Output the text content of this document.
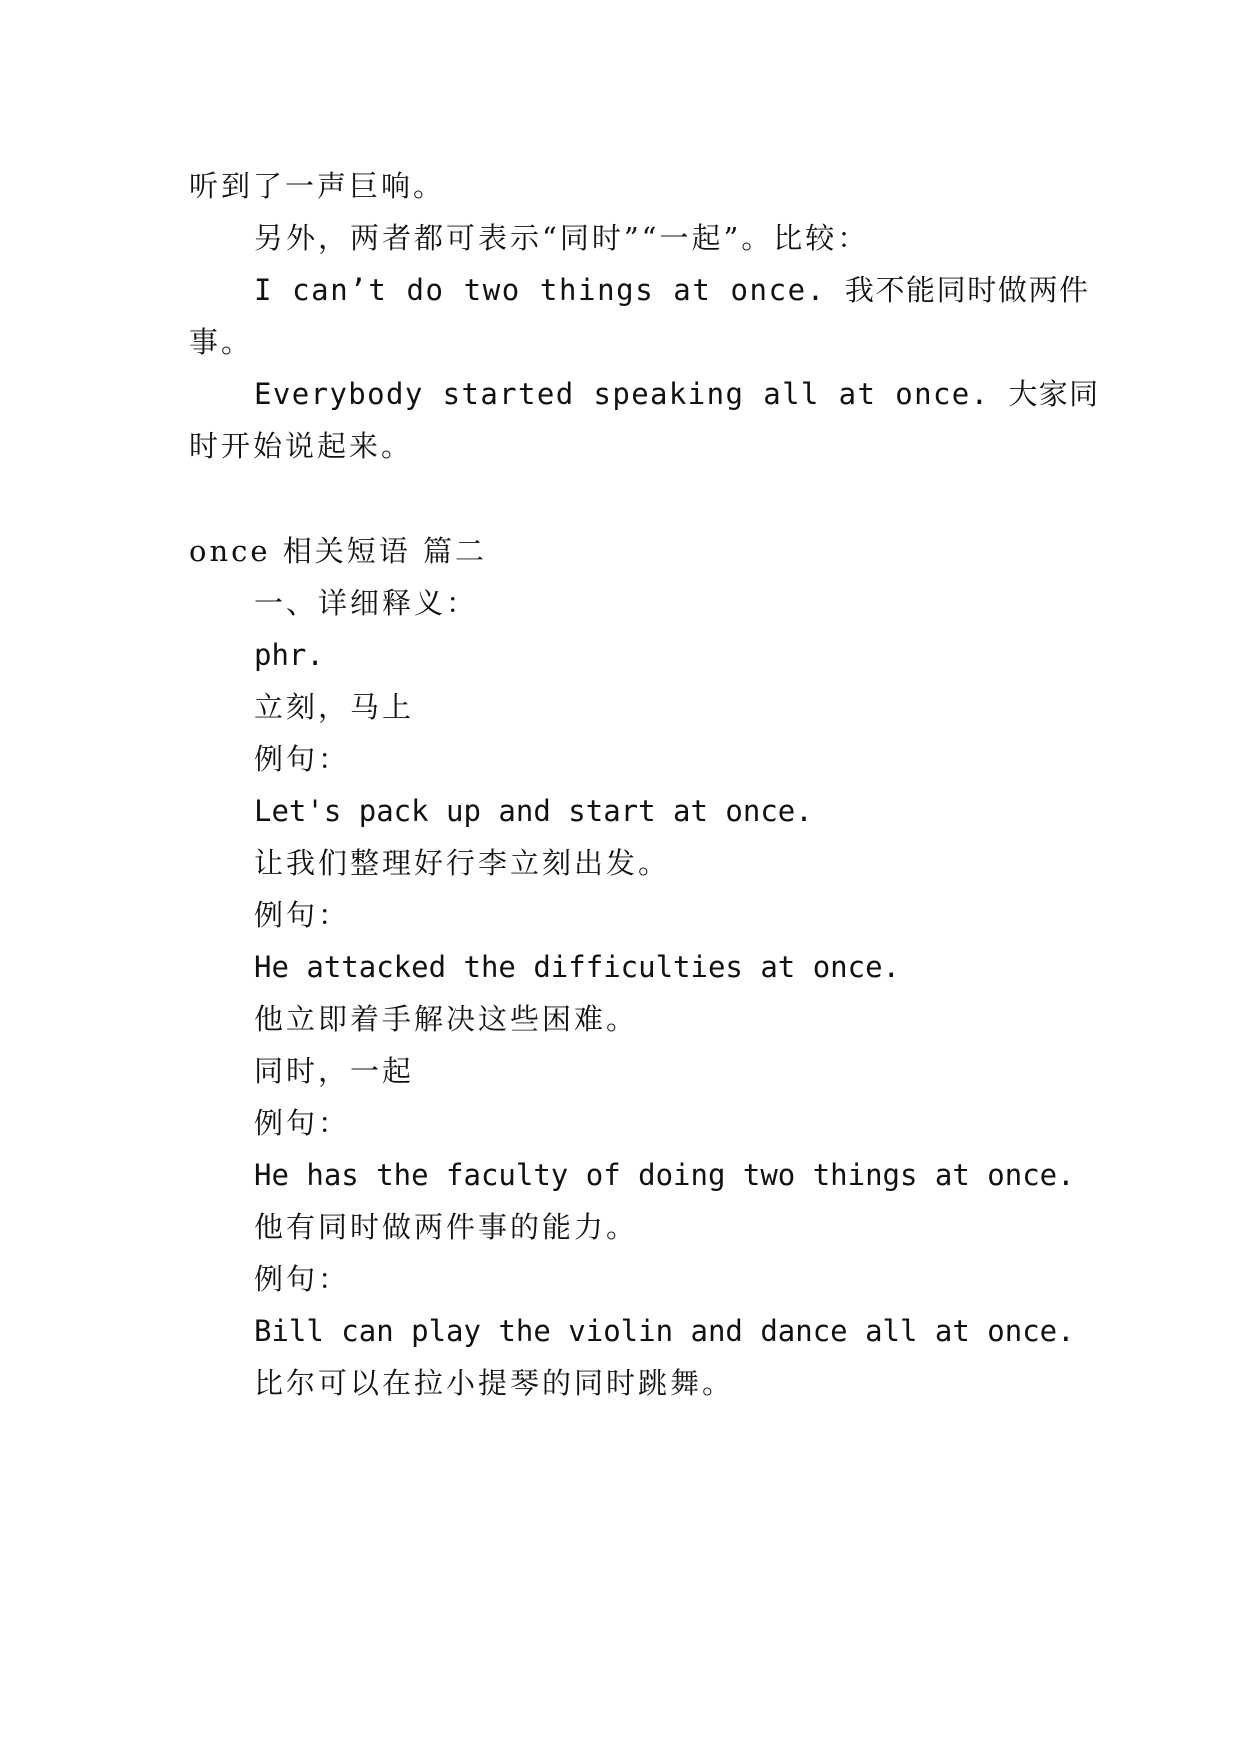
听到了一声巨响。
另外，两者都可表示“同时”“一起”。比较：
I can’t do two things at once. 我不能同时做两件
事。
Everybody started speaking all at once. 大家同
时开始说起来。
once 相关短语 篇二
一、详细释义：
phr.
立刻，马上
例句：
Let's pack up and start at once.
让我们整理好行李立刻出发。
例句：
He attacked the difficulties at once.
他立即着手解决这些困难。
同时，一起
例句：
He has the faculty of doing two things at once.
他有同时做两件事的能力。
例句：
Bill can play the violin and dance all at once.
比尔可以在拉小提琴的同时跳舞。
